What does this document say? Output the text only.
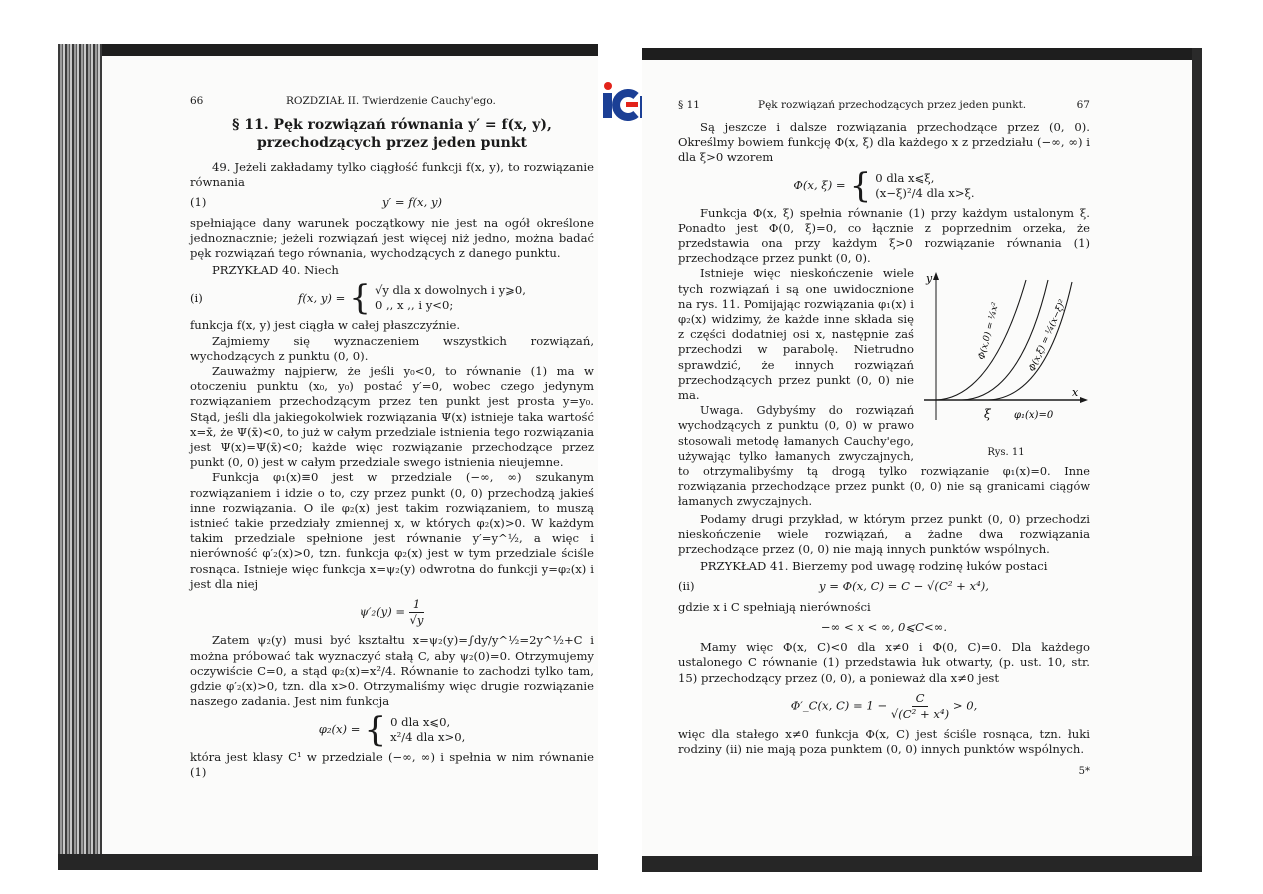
66	ROZDZIAŁ II. Twierdzenie Cauchy'ego.
§ 11. Pęk rozwiązań równania y′ = f(x, y), przechodzących przez jeden punkt

49. Jeżeli zakładamy tylko ciągłość funkcji f(x, y), to rozwiązanie równania

(1)	y′ = f(x, y)

spełniające dany warunek początkowy nie jest na ogół określone jednoznacznie; jeżeli rozwiązań jest więcej niż jedno, można badać pęk rozwiązań tego równania, wychodzących z danego punktu.

PRZYKŁAD 40. Niech

(i)	f(x, y) = { √y dla x dowolnych i y⩾0,
0 ,, x ,, i y<0;

funkcja f(x, y) jest ciągła w całej płaszczyźnie.

Zajmiemy się wyznaczeniem wszystkich rozwiązań, wychodzących z punktu (0, 0).

Zauważmy najpierw, że jeśli y₀<0, to równanie (1) ma w otoczeniu punktu (x₀, y₀) postać y′=0, wobec czego jedynym rozwiązaniem przechodzącym przez ten punkt jest prosta y=y₀. Stąd, jeśli dla jakiegokolwiek rozwiązania Ψ(x) istnieje taka wartość x=x̄, że Ψ(x̄)<0, to już w całym przedziale istnienia tego rozwiązania jest Ψ(x)=Ψ(x̄)<0; każde więc rozwiązanie przechodzące przez punkt (0, 0) jest w całym przedziale swego istnienia nieujemne.

Funkcja φ₁(x)≡0 jest w przedziale (−∞, ∞) szukanym rozwiązaniem i idzie o to, czy przez punkt (0, 0) przechodzą jakieś inne rozwiązania. O ile φ₂(x) jest takim rozwiązaniem, to muszą istnieć takie przedziały zmiennej x, w których φ₂(x)>0. W każdym takim przedziale spełnione jest równanie y′=y^½, a więc i nierówność φ′₂(x)>0, tzn. funkcja φ₂(x) jest w tym przedziale ściśle rosnąca. Istnieje więc funkcja x=ψ₂(y) odwrotna do funkcji y=φ₂(x) i jest dla niej

$\psi'_2(y) = \frac{1}{√y}$

Zatem ψ₂(y) musi być kształtu x=ψ₂(y)=∫dy/y^½=2y^½+C i można próbować tak wyznaczyć stałą C, aby ψ₂(0)=0. Otrzymujemy oczywiście C=0, a stąd φ₂(x)=x²/4. Równanie to zachodzi tylko tam, gdzie φ′₂(x)>0, tzn. dla x>0. Otrzymaliśmy więc drugie rozwiązanie naszego zadania. Jest nim funkcja

φ₂(x) = { 0 dla x⩽0,
x²/4 dla x>0,

która jest klasy C¹ w przedziale (−∞, ∞) i spełnia w nim równanie (1)

§ 11	Pęk rozwiązań przechodzących przez jeden punkt.	67

Są jeszcze i dalsze rozwiązania przechodzące przez (0, 0). Określmy bowiem funkcję Φ(x, ξ) dla każdego x z przedziału (−∞, ∞) i dla ξ>0 wzorem

Φ(x, ξ) = { 0 dla x⩽ξ,
(x−ξ)²/4 dla x>ξ.

Funkcja Φ(x, ξ) spełnia równanie (1) przy każdym ustalonym ξ. Ponadto jest Φ(0, ξ)=0, co łącznie z poprzednim orzeka, że przedstawia ona przy każdym ξ>0 rozwiązanie równania (1) przechodzące przez punkt (0, 0).

y
x
ξ φ₁(x)=0
Φ(x,0) = ¼x²	Φ(x,ξ) = ¼(x−ξ)²
Rys. 11

Istnieje więc nieskończenie wiele tych rozwiązań i są one uwidocznione na rys. 11. Pomijając rozwiązania φ₁(x) i φ₂(x) widzimy, że każde inne składa się z części dodatniej osi x, następnie zaś przechodzi w parabolę. Nietrudno sprawdzić, że innych rozwiązań przechodzących przez punkt (0, 0) nie ma.

Uwaga. Gdybyśmy do rozwiązań wychodzących z punktu (0, 0) w prawo stosowali metodę łamanych Cauchy'ego, używając tylko łamanych zwyczajnych, to otrzymalibyśmy tą drogą tylko rozwiązanie φ₁(x)=0. Inne rozwiązania przechodzące przez punkt (0, 0) nie są granicami ciągów łamanych zwyczajnych.

Podamy drugi przykład, w którym przez punkt (0, 0) przechodzi nieskończenie wiele rozwiązań, a żadne dwa rozwiązania przechodzące przez (0, 0) nie mają innych punktów wspólnych.

PRZYKŁAD 41. Bierzemy pod uwagę rodzinę łuków postaci

(ii)	y = Φ(x, C) = C − √(C² + x⁴),

gdzie x i C spełniają nierówności

−∞ < x < ∞, 0⩽C<∞.

Mamy więc Φ(x, C)<0 dla x≠0 i Φ(0, C)=0. Dla każdego ustalonego C równanie (1) przedstawia łuk otwarty, (p. ust. 10, str. 15) przechodzący przez (0, 0), a ponieważ dla x≠0 jest

Φ′_C(x, $C) = 1 - \frac{C}{\text{√(C² + x⁴)}} > 0$,

więc dla stałego x≠0 funkcja Φ(x, C) jest ściśle rosnąca, tzn. łuki rodziny (ii) nie mają poza punktem (0, 0) innych punktów wspólnych.

5*
